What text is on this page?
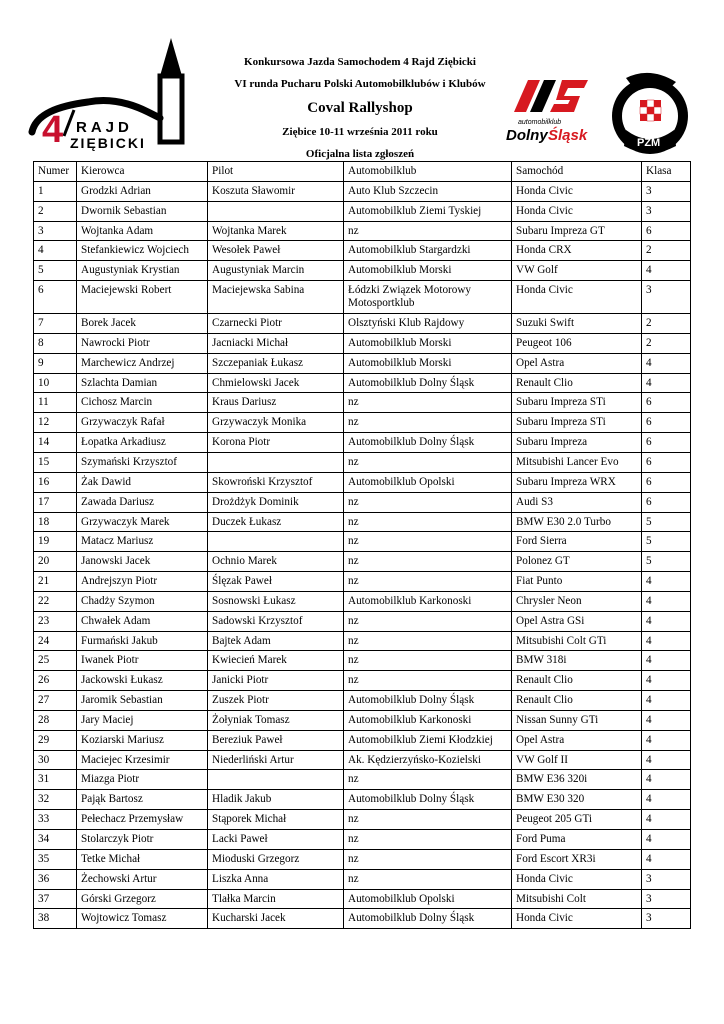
4 RAJD
ZIĘBICKI
Konkursowa Jazda Samochodem 4 Rajd Ziębicki
VI runda Pucharu Polski Automobilklubów i Klubów
Coval Rallyshop
Ziębice 10-11 września 2011 roku
Oficjalna lista zgłoszeń
automobilklub
Dolny Śląsk	PZM
Numer	Kierowca	Pilot	Automobilklub	Samochód	Klasa
1	Grodzki Adrian	Koszuta Sławomir	Auto Klub Szczecin	Honda Civic	3
2	Dwornik Sebastian		Automobilklub Ziemi Tyskiej	Honda Civic	3
3	Wojtanka Adam	Wojtanka Marek	nz	Subaru Impreza GT	6
4	Stefankiewicz Wojciech	Wesołek Paweł	Automobilklub Stargardzki	Honda CRX	2
5	Augustyniak Krystian	Augustyniak Marcin	Automobilklub Morski	VW Golf	4
6	Maciejewski Robert	Maciejewska Sabina	Łódzki Związek Motorowy Motosportklub	Honda Civic	3
7	Borek Jacek	Czarnecki Piotr	Olsztyński Klub Rajdowy	Suzuki Swift	2
8	Nawrocki Piotr	Jacniacki Michał	Automobilklub Morski	Peugeot 106	2
9	Marchewicz Andrzej	Szczepaniak Łukasz	Automobilklub Morski	Opel Astra	4
10	Szlachta Damian	Chmielowski Jacek	Automobilklub Dolny Śląsk	Renault Clio	4
11	Cichosz Marcin	Kraus Dariusz	nz	Subaru Impreza STi	6
12	Grzywaczyk Rafał	Grzywaczyk Monika	nz	Subaru Impreza STi	6
14	Łopatka Arkadiusz	Korona Piotr	Automobilklub Dolny Śląsk	Subaru Impreza	6
15	Szymański Krzysztof		nz	Mitsubishi Lancer Evo	6
16	Żak Dawid	Skowroński Krzysztof	Automobilklub Opolski	Subaru Impreza WRX	6
17	Zawada Dariusz	Drożdżyk Dominik	nz	Audi S3	6
18	Grzywaczyk Marek	Duczek Łukasz	nz	BMW E30 2.0 Turbo	5
19	Matacz Mariusz		nz	Ford Sierra	5
20	Janowski Jacek	Ochnio Marek	nz	Polonez GT	5
21	Andrejszyn Piotr	Ślęzak Paweł	nz	Fiat Punto	4
22	Chadży Szymon	Sosnowski Łukasz	Automobilklub Karkonoski	Chrysler Neon	4
23	Chwałek Adam	Sadowski Krzysztof	nz	Opel Astra GSi	4
24	Furmański Jakub	Bajtek Adam	nz	Mitsubishi Colt GTi	4
25	Iwanek Piotr	Kwiecień Marek	nz	BMW 318i	4
26	Jackowski Łukasz	Janicki Piotr	nz	Renault Clio	4
27	Jaromik Sebastian	Zuszek Piotr	Automobilklub Dolny Śląsk	Renault Clio	4
28	Jary Maciej	Żołyniak Tomasz	Automobilklub Karkonoski	Nissan Sunny GTi	4
29	Koziarski Mariusz	Bereziuk Paweł	Automobilklub Ziemi Kłodzkiej	Opel Astra	4
30	Maciejec Krzesimir	Niederliński Artur	Ak. Kędzierzyńsko-Kozielski	VW Golf II	4
31	Miazga Piotr		nz	BMW E36 320i	4
32	Pająk Bartosz	Hladik Jakub	Automobilklub Dolny Śląsk	BMW E30 320	4
33	Pełechacz Przemysław	Stąporek Michał	nz	Peugeot 205 GTi	4
34	Stolarczyk Piotr	Lacki Paweł	nz	Ford Puma	4
35	Tetke Michał	Mioduski Grzegorz	nz	Ford Escort XR3i	4
36	Żechowski Artur	Liszka Anna	nz	Honda Civic	3
37	Górski Grzegorz	Tlałka Marcin	Automobilklub Opolski	Mitsubishi Colt	3
38	Wojtowicz Tomasz	Kucharski Jacek	Automobilklub Dolny Śląsk	Honda Civic	3
